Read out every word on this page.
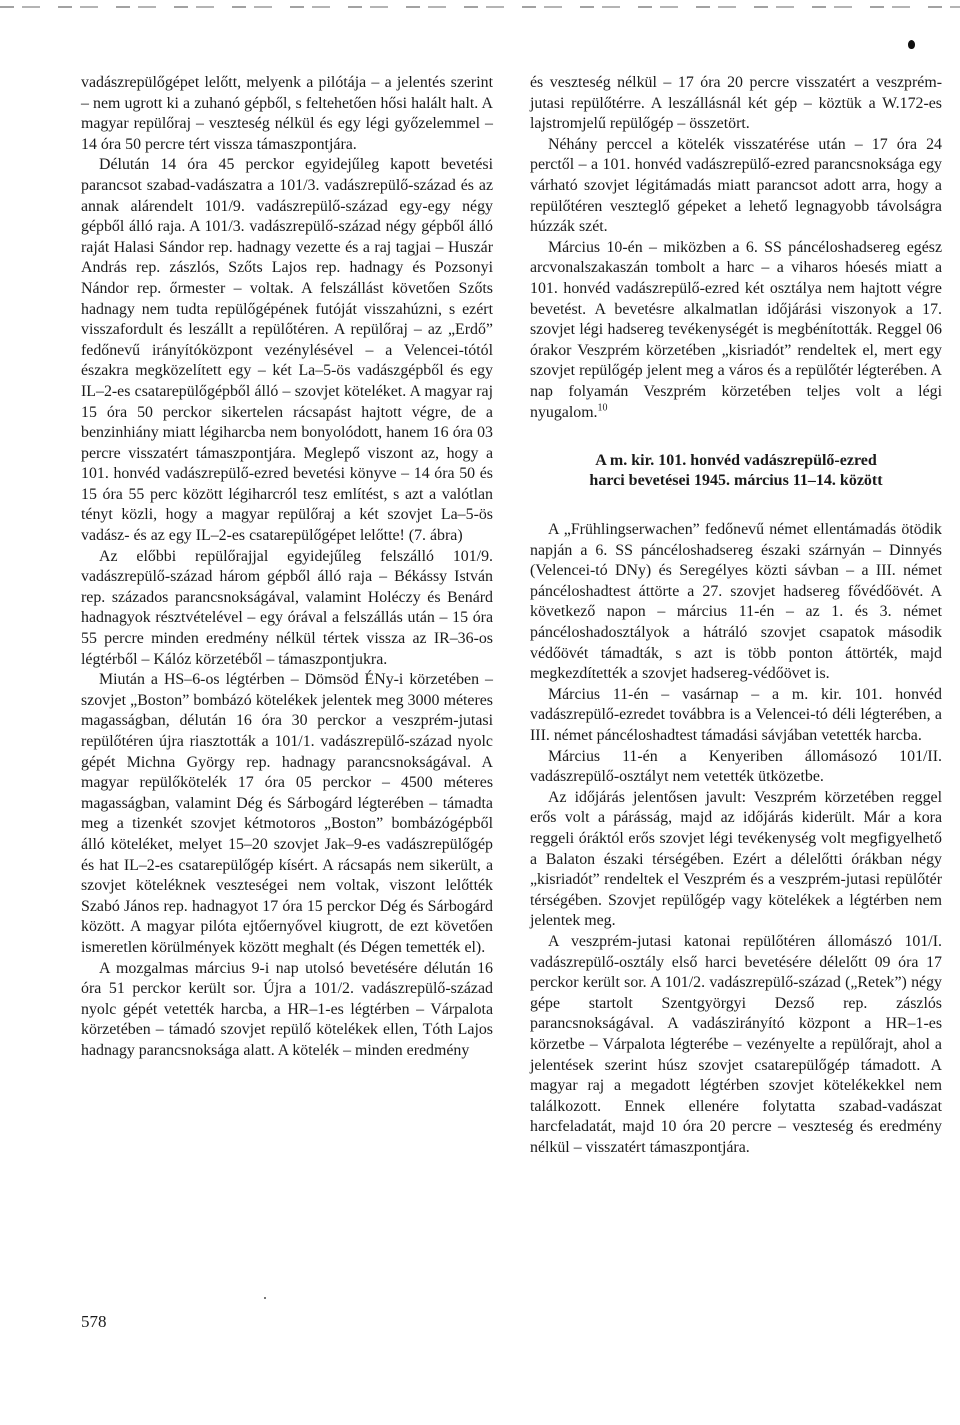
vadászrepülőgépet lelőtt, melyenk a pilótája – a jelentés szerint – nem ugrott ki a zuhanó gépből, s feltehetően hősi halált halt. A magyar repülőraj – veszteség nélkül és egy légi győzelemmel – 14 óra 50 percre tért vissza támaszpontjára.

Délután 14 óra 45 perckor egyidejűleg kapott bevetési parancsot szabad-vadászatra a 101/3. vadászrepülő-század és az annak alárendelt 101/9. vadászrepülő-század egy-egy négy gépből álló raja. A 101/3. vadászrepülő-század négy gépből álló raját Halasi Sándor rep. hadnagy vezette és a raj tagjai – Huszár András rep. zászlós, Szőts Lajos rep. hadnagy és Pozsonyi Nándor rep. őrmester – voltak. A felszállást követően Szőts hadnagy nem tudta repülőgépének futóját visszahúzni, s ezért visszafordult és leszállt a repülőtéren. A repülőraj – az „Erdő” fedőnevű irányítóközpont vezénylésével – a Velencei-tótól északra megközelített egy – két La–5-ös vadászgépből és egy IL–2-es csatarepülőgépből álló – szovjet köteléket. A magyar raj 15 óra 50 perckor sikertelen rácsapást hajtott végre, de a benzinhiány miatt légiharcba nem bonyolódott, hanem 16 óra 03 percre visszatért támaszpontjára. Meglepő viszont az, hogy a 101. honvéd vadászrepülő-ezred bevetési könyve – 14 óra 50 és 15 óra 55 perc között légiharcról tesz említést, s azt a valótlan tényt közli, hogy a magyar repülőraj a két szovjet La–5-ös vadász- és az egy IL–2-es csatarepülőgépet lelőtte! (7. ábra)

Az előbbi repülőrajjal egyidejűleg felszálló 101/9. vadászrepülő-század három gépből álló raja – Békássy István rep. százados parancsnokságával, valamint Holéczy és Benárd hadnagyok résztvételével – egy órával a felszállás után – 15 óra 55 percre minden eredmény nélkül tértek vissza az IR–36-os légtérből – Kálóz körzetéből – támaszpontjukra.

Miután a HS–6-os légtérben – Dömsöd ÉNy-i körzetében – szovjet „Boston” bombázó kötelékek jelentek meg 3000 méteres magasságban, délután 16 óra 30 perckor a veszprém-jutasi repülőtéren újra riasztották a 101/1. vadászrepülő-század nyolc gépét Michna György rep. hadnagy parancsnokságával. A magyar repülőkötelék 17 óra 05 perckor – 4500 méteres magasságban, valamint Dég és Sárbogárd légterében – támadta meg a tizenkét szovjet kétmotoros „Boston” bombázógépből álló köteléket, melyet 15–20 szovjet Jak–9-es vadászrepülőgép és hat IL–2-es csatarepülőgép kísért. A rácsapás nem sikerült, a szovjet köteléknek veszteségei nem voltak, viszont lelőtték Szabó János rep. hadnagyot 17 óra 15 perckor Dég és Sárbogárd között. A magyar pilóta ejtőernyővel kiugrott, de ezt követően ismeretlen körülmények között meghalt (és Dégen temették el).

A mozgalmas március 9-i nap utolsó bevetésére délután 16 óra 51 perckor került sor. Újra a 101/2. vadászrepülő-század nyolc gépét vetették harcba, a HR–1-es légtérben – Várpalota körzetében – támadó szovjet repülő kötelékek ellen, Tóth Lajos hadnagy parancsnoksága alatt. A kötelék – minden eredmény

és veszteség nélkül – 17 óra 20 percre visszatért a veszprém-jutasi repülőtérre. A leszállásnál két gép – köztük a W.172-es lajstromjelű repülőgép – összetört.

Néhány perccel a kötelék visszatérése után – 17 óra 24 perctől – a 101. honvéd vadászrepülő-ezred parancsnoksága egy várható szovjet légitámadás miatt parancsot adott arra, hogy a repülőtéren veszteglő gépeket a lehető legnagyobb távolságra húzzák szét.

Március 10-én – miközben a 6. SS páncéloshadsereg egész arcvonalszakaszán tombolt a harc – a viharos hóesés miatt a 101. honvéd vadászrepülő-ezred két osztálya nem hajtott végre bevetést. A bevetésre alkalmatlan időjárási viszonyok a 17. szovjet légi hadsereg tevékenységét is megbénították. Reggel 06 órakor Veszprém körzetében „kisriadót” rendeltek el, mert egy szovjet repülőgép jelent meg a város és a repülőtér légterében. A nap folyamán Veszprém körzetében teljes volt a légi nyugalom.$^{10}$

A m. kir. 101. honvéd vadászrepülő-ezred

harci bevetései 1945. március 11–14. között

A „Frühlingserwachen” fedőnevű német ellentámadás ötödik napján a 6. SS páncéloshadsereg északi szárnyán – Dinnyés (Velencei-tó DNy) és Seregélyes közti sávban – a III. német páncéloshadtest áttörte a 27. szovjet hadsereg fővédőövét. A következő napon – március 11-én – az 1. és 3. német páncéloshadosztályok a hátráló szovjet csapatok második védőövét támadták, s azt is több ponton áttörték, majd megkezdítették a szovjet hadsereg-védőövet is.

Március 11-én – vasárnap – a m. kir. 101. honvéd vadászrepülő-ezredet továbbra is a Velencei-tó déli légterében, a III. német páncéloshadtest támadási sávjában vetették harcba.

Március 11-én a Kenyeriben állomásozó 101/II. vadászrepülő-osztályt nem vetették ütközetbe.

Az időjárás jelentősen javult: Veszprém körzetében reggel erős volt a párásság, majd az időjárás kiderült. Már a kora reggeli óráktól erős szovjet légi tevékenység volt megfigyelhető a Balaton északi térségében. Ezért a délelőtti órákban négy „kisriadót” rendeltek el Veszprém és a veszprém-jutasi repülőtér térségében. Szovjet repülőgép vagy kötelékek a légtérben nem jelentek meg.

A veszprém-jutasi katonai repülőtéren állomászó 101/I. vadászrepülő-osztály első harci bevetésére délelőtt 09 óra 17 perckor került sor. A 101/2. vadászrepülő-század („Retek”) négy gépe startolt Szentgyörgyi Dezső rep. zászlós parancsnokságával. A vadászirányító központ a HR–1-es körzetbe – Várpalota légterébe – vezényelte a repülőrajt, ahol a jelentések szerint húsz szovjet csatarepülőgép támadott. A magyar raj a megadott légtérben szovjet kötelékekkel nem találkozott. Ennek ellenére folytatta szabad-vadászat harcfeladatát, majd 10 óra 20 percre – veszteség és eredmény nélkül – visszatért támaszpontjára.

578
